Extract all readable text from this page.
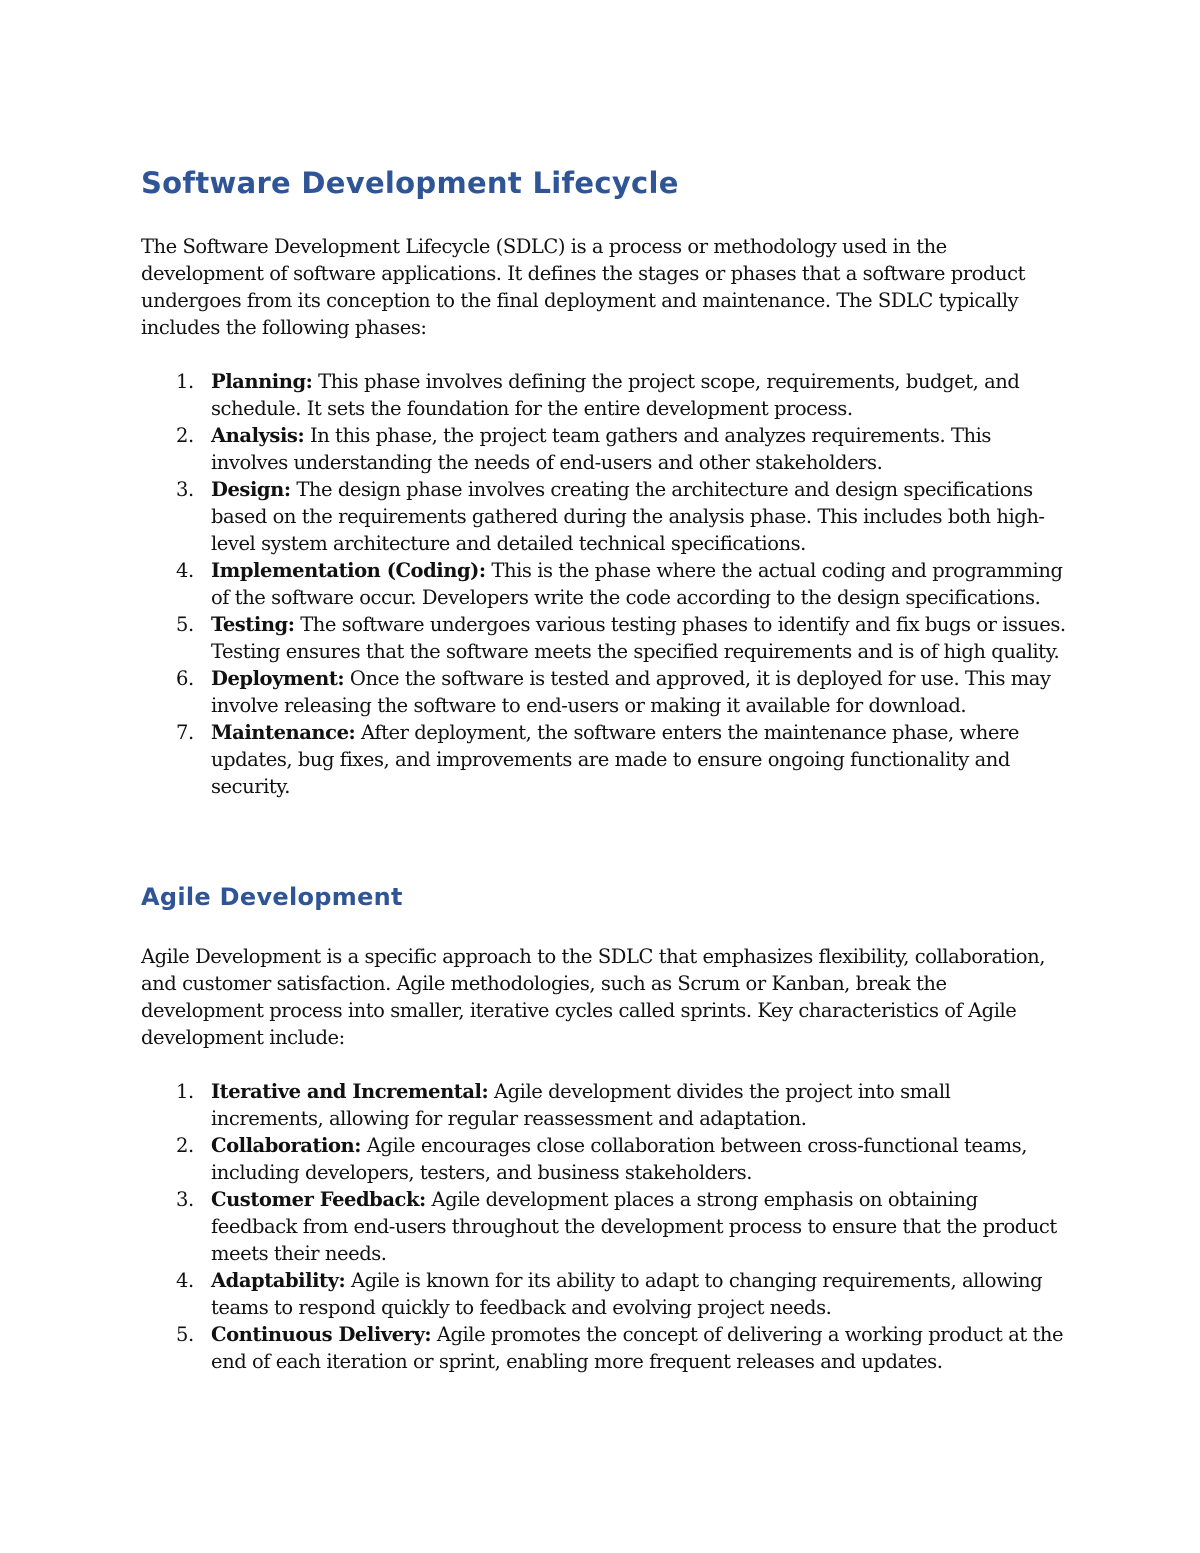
Software Development Lifecycle

The Software Development Lifecycle (SDLC) is a process or methodology used in the development of software applications. It defines the stages or phases that a software product undergoes from its conception to the final deployment and maintenance. The SDLC typically includes the following phases:

1. Planning: This phase involves defining the project scope, requirements, budget, and schedule. It sets the foundation for the entire development process.
2. Analysis: In this phase, the project team gathers and analyzes requirements. This involves understanding the needs of end-users and other stakeholders.
3. Design: The design phase involves creating the architecture and design specifications based on the requirements gathered during the analysis phase. This includes both high-level system architecture and detailed technical specifications.
4. Implementation (Coding): This is the phase where the actual coding and programming of the software occur. Developers write the code according to the design specifications.
5. Testing: The software undergoes various testing phases to identify and fix bugs or issues. Testing ensures that the software meets the specified requirements and is of high quality.
6. Deployment: Once the software is tested and approved, it is deployed for use. This may involve releasing the software to end-users or making it available for download.
7. Maintenance: After deployment, the software enters the maintenance phase, where updates, bug fixes, and improvements are made to ensure ongoing functionality and security.
Agile Development

Agile Development is a specific approach to the SDLC that emphasizes flexibility, collaboration, and customer satisfaction. Agile methodologies, such as Scrum or Kanban, break the development process into smaller, iterative cycles called sprints. Key characteristics of Agile development include:

1. Iterative and Incremental: Agile development divides the project into small increments, allowing for regular reassessment and adaptation.
2. Collaboration: Agile encourages close collaboration between cross-functional teams, including developers, testers, and business stakeholders.
3. Customer Feedback: Agile development places a strong emphasis on obtaining feedback from end-users throughout the development process to ensure that the product meets their needs.
4. Adaptability: Agile is known for its ability to adapt to changing requirements, allowing teams to respond quickly to feedback and evolving project needs.
5. Continuous Delivery: Agile promotes the concept of delivering a working product at the end of each iteration or sprint, enabling more frequent releases and updates.
